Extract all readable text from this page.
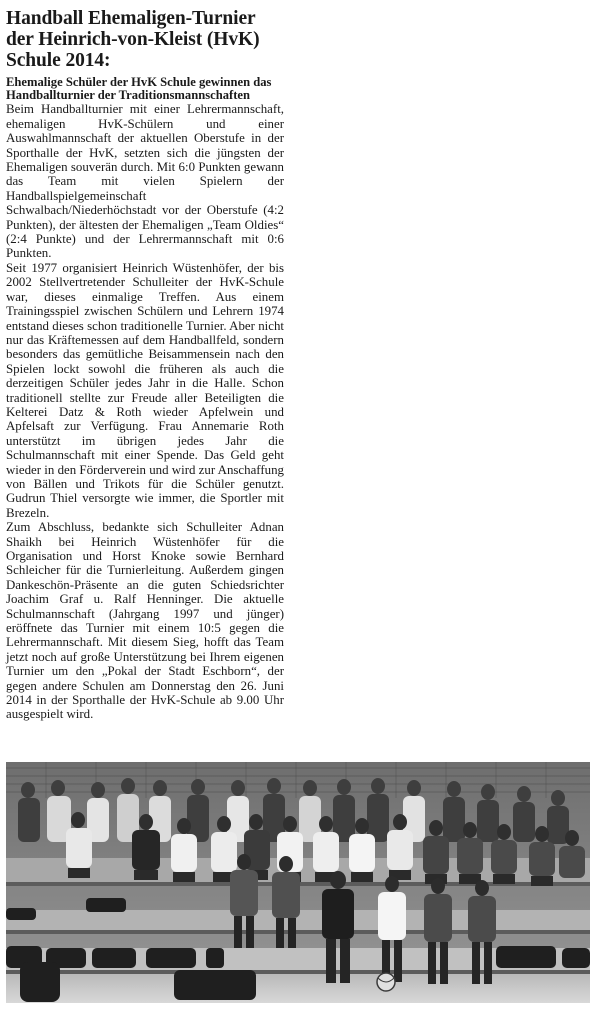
Handball Ehemaligen-Turnier der Heinrich-von-Kleist (HvK) Schule 2014:
Ehemalige Schüler der HvK Schule gewinnen das Handballturnier der Traditionsmannschaften

Beim Handballturnier mit einer Lehrermannschaft, ehemaligen HvK-Schülern und einer Auswahlmannschaft der aktuellen Oberstufe in der Sporthalle der HvK, setzten sich die jüngsten der Ehemaligen souverän durch. Mit 6:0 Punkten gewann das Team mit vielen Spielern der Handballspielgemeinschaft Schwalbach/Niederhöchstadt vor der Oberstufe (4:2 Punkten), der ältesten der Ehemaligen „Team Oldies“ (2:4 Punkte) und der Lehrermannschaft mit 0:6 Punkten.

Seit 1977 organisiert Heinrich Wüstenhöfer, der bis 2002 Stellvertretender Schulleiter der HvK-Schule war, dieses einmalige Treffen. Aus einem Trainingsspiel zwischen Schülern und Lehrern 1974 entstand dieses schon traditionelle Turnier. Aber nicht nur das Kräftemessen auf dem Handballfeld, sondern besonders das gemütliche Beisammensein nach den Spielen lockt sowohl die früheren als auch die derzeitigen Schüler jedes Jahr in die Halle. Schon traditionell stellte zur Freude aller Beteiligten die Kelterei Datz & Roth wieder Apfelwein und Apfelsaft zur Verfügung. Frau Annemarie Roth unterstützt im übrigen jedes Jahr die Schulmannschaft mit einer Spende. Das Geld geht wieder in den Förderverein und wird zur Anschaffung von Bällen und Trikots für die Schüler genutzt. Gudrun Thiel versorgte wie immer, die Sportler mit Brezeln.

Zum Abschluss, bedankte sich Schulleiter Adnan Shaikh bei Heinrich Wüstenhöfer für die Organisation und Horst Knoke sowie Bernhard Schleicher für die Turnierleitung. Außerdem gingen Dankeschön-Präsente an die guten Schiedsrichter Joachim Graf u. Ralf Henninger. Die aktuelle Schulmannschaft (Jahrgang 1997 und jünger) eröffnete das Turnier mit einem 10:5 gegen die Lehrermannschaft. Mit diesem Sieg, hofft das Team jetzt noch auf große Unterstützung bei Ihrem eigenen Turnier um den „Pokal der Stadt Eschborn“, der gegen andere Schulen am Donnerstag den 26. Juni 2014 in der Sporthalle der HvK-Schule ab 9.00 Uhr ausgespielt wird.
